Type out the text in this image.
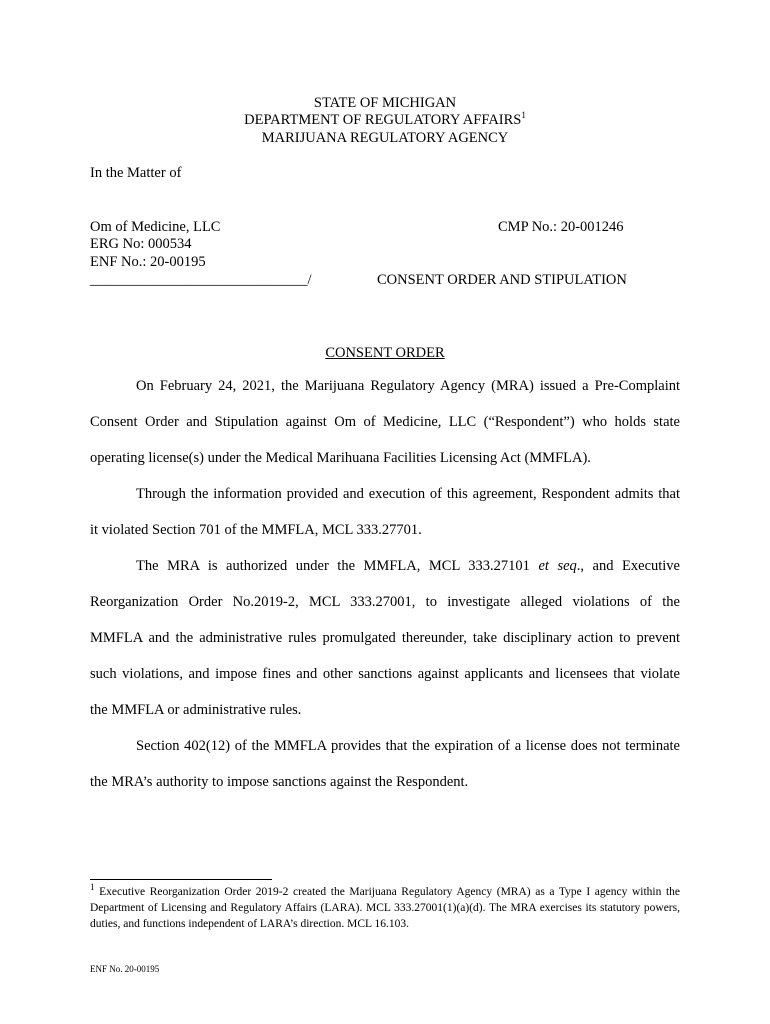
STATE OF MICHIGAN
DEPARTMENT OF REGULATORY AFFAIRS$^1$
MARIJUANA REGULATORY AGENCY
In the Matter of
Om of Medicine, LLC
ERG No: 000534
ENF No.: 20-00195
______________________________/
CMP No.: 20-001246
CONSENT ORDER AND STIPULATION
CONSENT ORDER
On February 24, 2021, the Marijuana Regulatory Agency (MRA) issued a Pre-Complaint
Consent Order and Stipulation against Om of Medicine, LLC (“Respondent”) who holds state
operating license(s) under the Medical Marihuana Facilities Licensing Act (MMFLA).
Through the information provided and execution of this agreement, Respondent admits that
it violated Section 701 of the MMFLA, MCL 333.27701.
The MRA is authorized under the MMFLA, MCL 333.27101 et seq., and Executive
Reorganization Order No.2019-2, MCL 333.27001, to investigate alleged violations of the
MMFLA and the administrative rules promulgated thereunder, take disciplinary action to prevent
such violations, and impose fines and other sanctions against applicants and licensees that violate
the MMFLA or administrative rules.
Section 402(12) of the MMFLA provides that the expiration of a license does not terminate
the MRA’s authority to impose sanctions against the Respondent.
$^1$ Executive Reorganization Order 2019-2 created the Marijuana Regulatory Agency (MRA) as a Type I agency within the Department of Licensing and Regulatory Affairs (LARA). MCL 333.27001(1)(a)(d). The MRA exercises its statutory powers, duties, and functions independent of LARA’s direction. MCL 16.103.
ENF No. 20-00195
